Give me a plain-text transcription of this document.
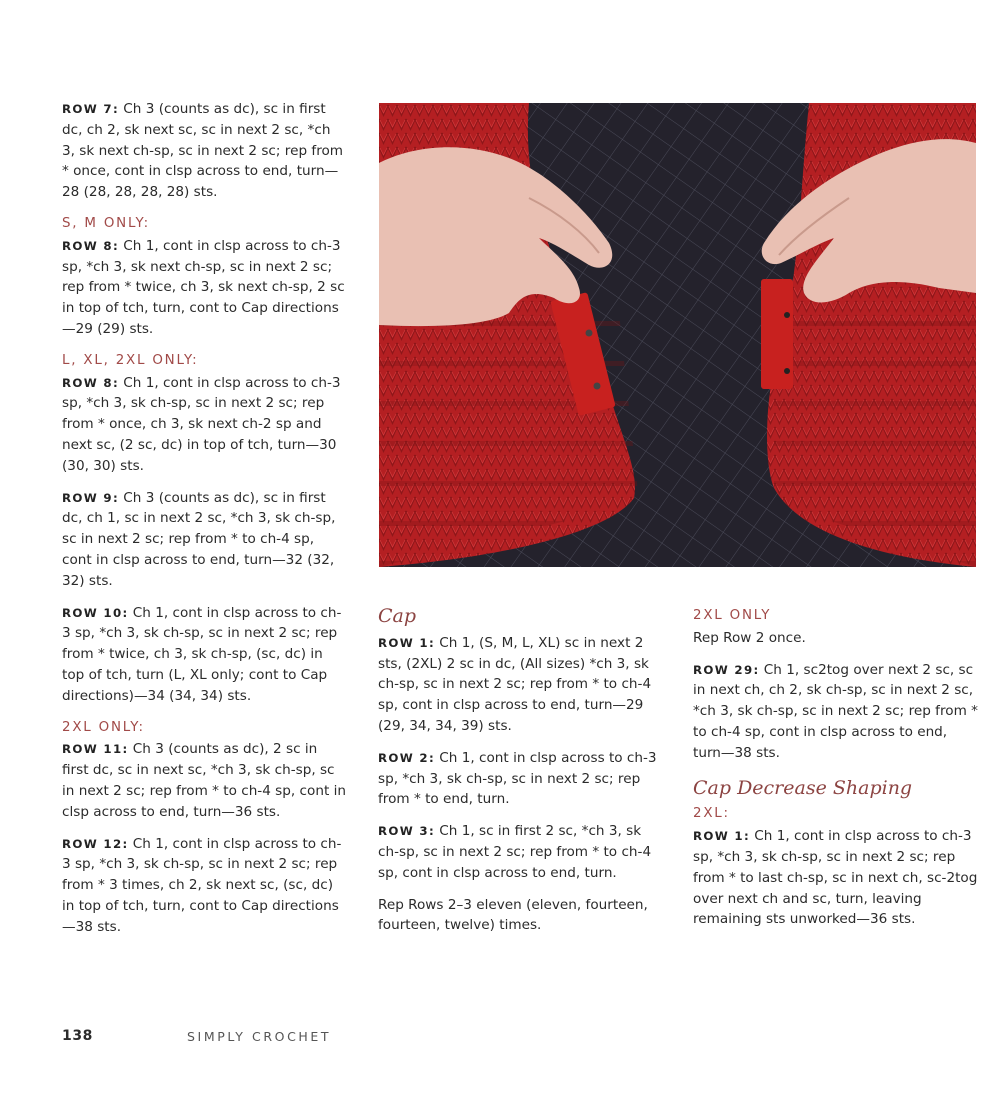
ROW 7: Ch 3 (counts as dc), sc in first dc, ch 2, sk next sc, sc in next 2 sc, *ch 3, sk next ch-sp, sc in next 2 sc; rep from * once, cont in clsp across to end, turn—28 (28, 28, 28, 28) sts.

S, M ONLY:

ROW 8: Ch 1, cont in clsp across to ch-3 sp, *ch 3, sk next ch-sp, sc in next 2 sc; rep from * twice, ch 3, sk next ch-sp, 2 sc in top of tch, turn, cont to Cap directions—29 (29) sts.

L, XL, 2XL ONLY:

ROW 8: Ch 1, cont in clsp across to ch-3 sp, *ch 3, sk ch-sp, sc in next 2 sc; rep from * once, ch 3, sk next ch-2 sp and next sc, (2 sc, dc) in top of tch, turn—30 (30, 30) sts.

ROW 9: Ch 3 (counts as dc), sc in first dc, ch 1, sc in next 2 sc, *ch 3, sk ch-sp, sc in next 2 sc; rep from * to ch-4 sp, cont in clsp across to end, turn—32 (32, 32) sts.

ROW 10: Ch 1, cont in clsp across to ch-3 sp, *ch 3, sk ch-sp, sc in next 2 sc; rep from * twice, ch 3, sk ch-sp, (sc, dc) in top of tch, turn (L, XL only; cont to Cap directions)—34 (34, 34) sts.

2XL ONLY:

ROW 11: Ch 3 (counts as dc), 2 sc in first dc, sc in next sc, *ch 3, sk ch-sp, sc in next 2 sc; rep from * to ch-4 sp, cont in clsp across to end, turn—36 sts.

ROW 12: Ch 1, cont in clsp across to ch-3 sp, *ch 3, sk ch-sp, sc in next 2 sc; rep from * 3 times, ch 2, sk next sc, (sc, dc) in top of tch, turn, cont to Cap directions—38 sts.

Cap

ROW 1: Ch 1, (S, M, L, XL) sc in next 2 sts, (2XL) 2 sc in dc, (All sizes) *ch 3, sk ch-sp, sc in next 2 sc; rep from * to ch-4 sp, cont in clsp across to end, turn—29 (29, 34, 34, 39) sts.

ROW 2: Ch 1, cont in clsp across to ch-3 sp, *ch 3, sk ch-sp, sc in next 2 sc; rep from * to end, turn.

ROW 3: Ch 1, sc in first 2 sc, *ch 3, sk ch-sp, sc in next 2 sc; rep from * to ch-4 sp, cont in clsp across to end, turn.

Rep Rows 2–3 eleven (eleven, fourteen, fourteen, twelve) times.

2XL ONLY

Rep Row 2 once.

ROW 29: Ch 1, sc2tog over next 2 sc, sc in next ch, ch 2, sk ch-sp, sc in next 2 sc, *ch 3, sk ch-sp, sc in next 2 sc; rep from * to ch-4 sp, cont in clsp across to end, turn—38 sts.

Cap Decrease Shaping
2XL:

ROW 1: Ch 1, cont in clsp across to ch-3 sp, *ch 3, sk ch-sp, sc in next 2 sc; rep from * to last ch-sp, sc in next ch, sc-2tog over next ch and sc, turn, leaving remaining sts unworked—36 sts.

138	SIMPLY CROCHET
